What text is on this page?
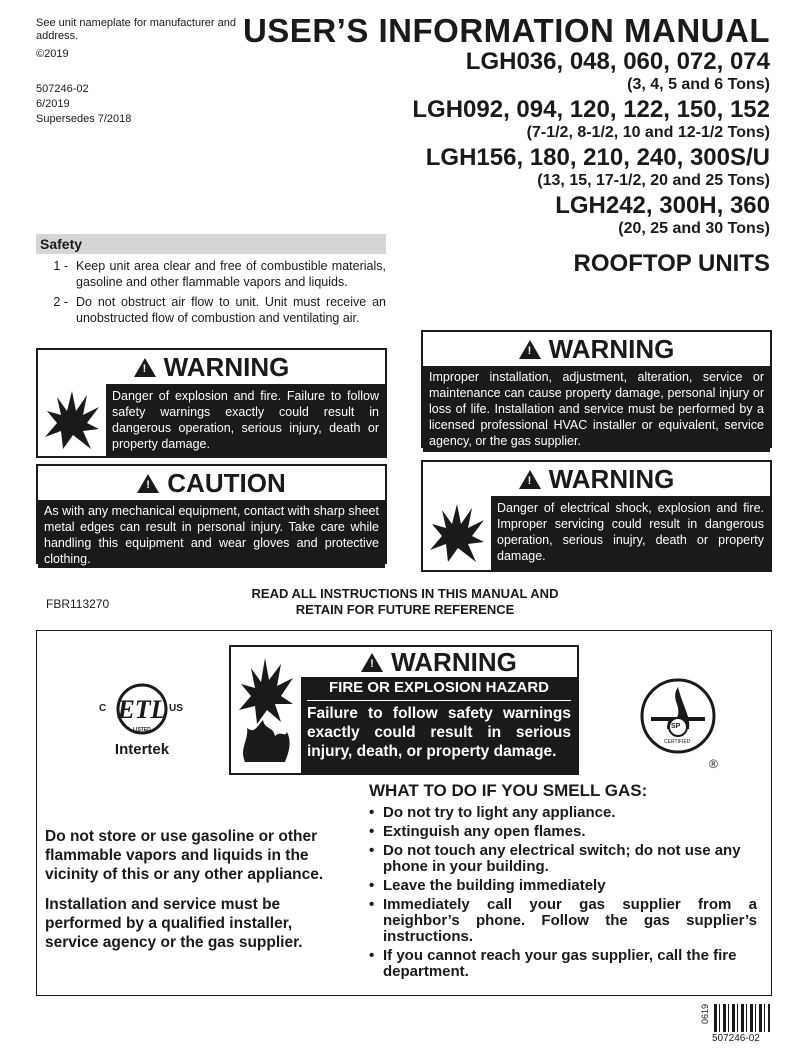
See unit nameplate for manufacturer and address.
©2019
507246-02
6/2019
Supersedes 7/2018
USER’S INFORMATION MANUAL
LGH036, 048, 060, 072, 074
(3, 4, 5 and 6 Tons)
LGH092, 094, 120, 122, 150, 152
(7-1/2, 8-1/2, 10 and 12-1/2 Tons)
LGH156, 180, 210, 240, 300S/U
(13, 15, 17-1/2, 20 and 25 Tons)
LGH242, 300H, 360
(20, 25 and 30 Tons)
ROOFTOP UNITS
Safety
1 - Keep unit area clear and free of combustible materials, gasoline and other flammable vapors and liquids.
2 - Do not obstruct air flow to unit. Unit must receive an unobstructed flow of combustion and ventilating air.
! WARNING
Danger of explosion and fire. Failure to follow safety warnings exactly could result in dangerous operation, serious injury, death or property damage.
! CAUTION
As with any mechanical equipment, contact with sharp sheet metal edges can result in personal injury. Take care while handling this equipment and wear gloves and protective clothing.
! WARNING
Improper installation, adjustment, alteration, service or maintenance can cause property damage, personal injury or loss of life. Installation and service must be performed by a licensed professional HVAC installer or equivalent, service agency, or the gas supplier.
! WARNING
Danger of electrical shock, explosion and fire. Improper servicing could result in dangerous operation, serious inujry, death or property damage.
FBR113270
READ ALL INSTRUCTIONS IN THIS MANUAL AND RETAIN FOR FUTURE REFERENCE
! WARNING
FIRE OR EXPLOSION HAZARD
Failure to follow safety warnings exactly could result in serious injury, death, or property damage.
ETL
C	US
LISTED
Intertek
SP
CERTIFIED
®
Do not store or use gasoline or other flammable vapors and liquids in the vicinity of this or any other appliance.
Installation and service must be performed by a qualified installer, service agency or the gas supplier.
WHAT TO DO IF YOU SMELL GAS:
• Do not try to light any appliance.
• Extinguish any open flames.
• Do not touch any electrical switch; do not use any phone in your building.
• Leave the building immediately
• Immediately call your gas supplier from a neighbor’s phone. Follow the gas supplier’s instructions.
• If you cannot reach your gas supplier, call the fire department.
0619
507246-02
